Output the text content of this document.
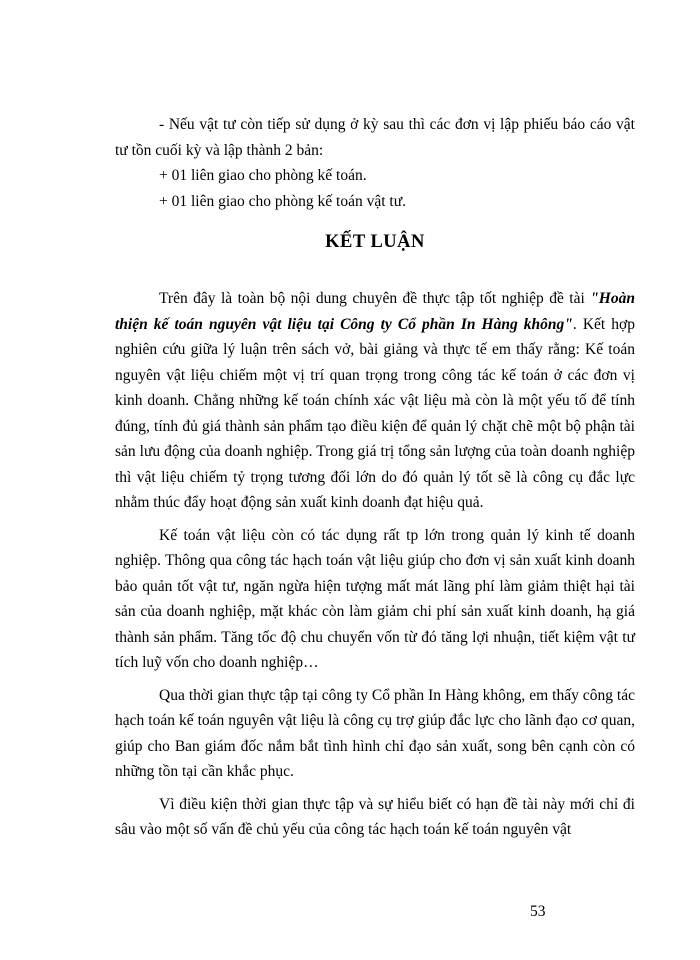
- Nếu vật tư còn tiếp sử dụng ở kỳ sau thì các đơn vị lập phiếu báo cáo vật tư tồn cuối kỳ và lập thành 2 bản:

+ 01 liên giao cho phòng kế toán.

+ 01 liên giao cho phòng kế toán vật tư.

KẾT LUẬN

Trên đây là toàn bộ nội dung chuyên đề thực tập tốt nghiệp đề tài "Hoàn thiện kế toán nguyên vật liệu tại Công ty Cổ phần In Hàng không". Kết hợp nghiên cứu giữa lý luận trên sách vở, bài giảng và thực tế em thấy rằng: Kế toán nguyên vật liệu chiếm một vị trí quan trọng trong công tác kế toán ở các đơn vị kinh doanh. Chẳng những kế toán chính xác vật liệu mà còn là một yếu tố để tính đúng, tính đủ giá thành sản phẩm tạo điều kiện để quản lý chặt chẽ một bộ phận tài sản lưu động của doanh nghiệp. Trong giá trị tổng sản lượng của toàn doanh nghiệp thì vật liệu chiếm tỷ trọng tương đối lớn do đó quản lý tốt sẽ là công cụ đắc lực nhằm thúc đẩy hoạt động sản xuất kinh doanh đạt hiệu quả.

Kế toán vật liệu còn có tác dụng rất tp lớn trong quản lý kinh tế doanh nghiệp. Thông qua công tác hạch toán vật liệu giúp cho đơn vị sản xuất kinh doanh bảo quản tốt vật tư, ngăn ngừa hiện tượng mất mát lãng phí làm giảm thiệt hại tài sản của doanh nghiệp, mặt khác còn làm giảm chi phí sản xuất kinh doanh, hạ giá thành sản phẩm. Tăng tốc độ chu chuyển vốn từ đó tăng lợi nhuận, tiết kiệm vật tư tích luỹ vốn cho doanh nghiệp…

Qua thời gian thực tập tại công ty Cổ phần In Hàng không, em thấy công tác hạch toán kế toán nguyên vật liệu là công cụ trợ giúp đắc lực cho lãnh đạo cơ quan, giúp cho Ban giám đốc nắm bắt tình hình chỉ đạo sản xuất, song bên cạnh còn có những tồn tại cần khắc phục.

Vì điều kiện thời gian thực tập và sự hiểu biết có hạn đề tài này mới chỉ đi sâu vào một số vấn đề chủ yếu của công tác hạch toán kế toán nguyên vật

53
